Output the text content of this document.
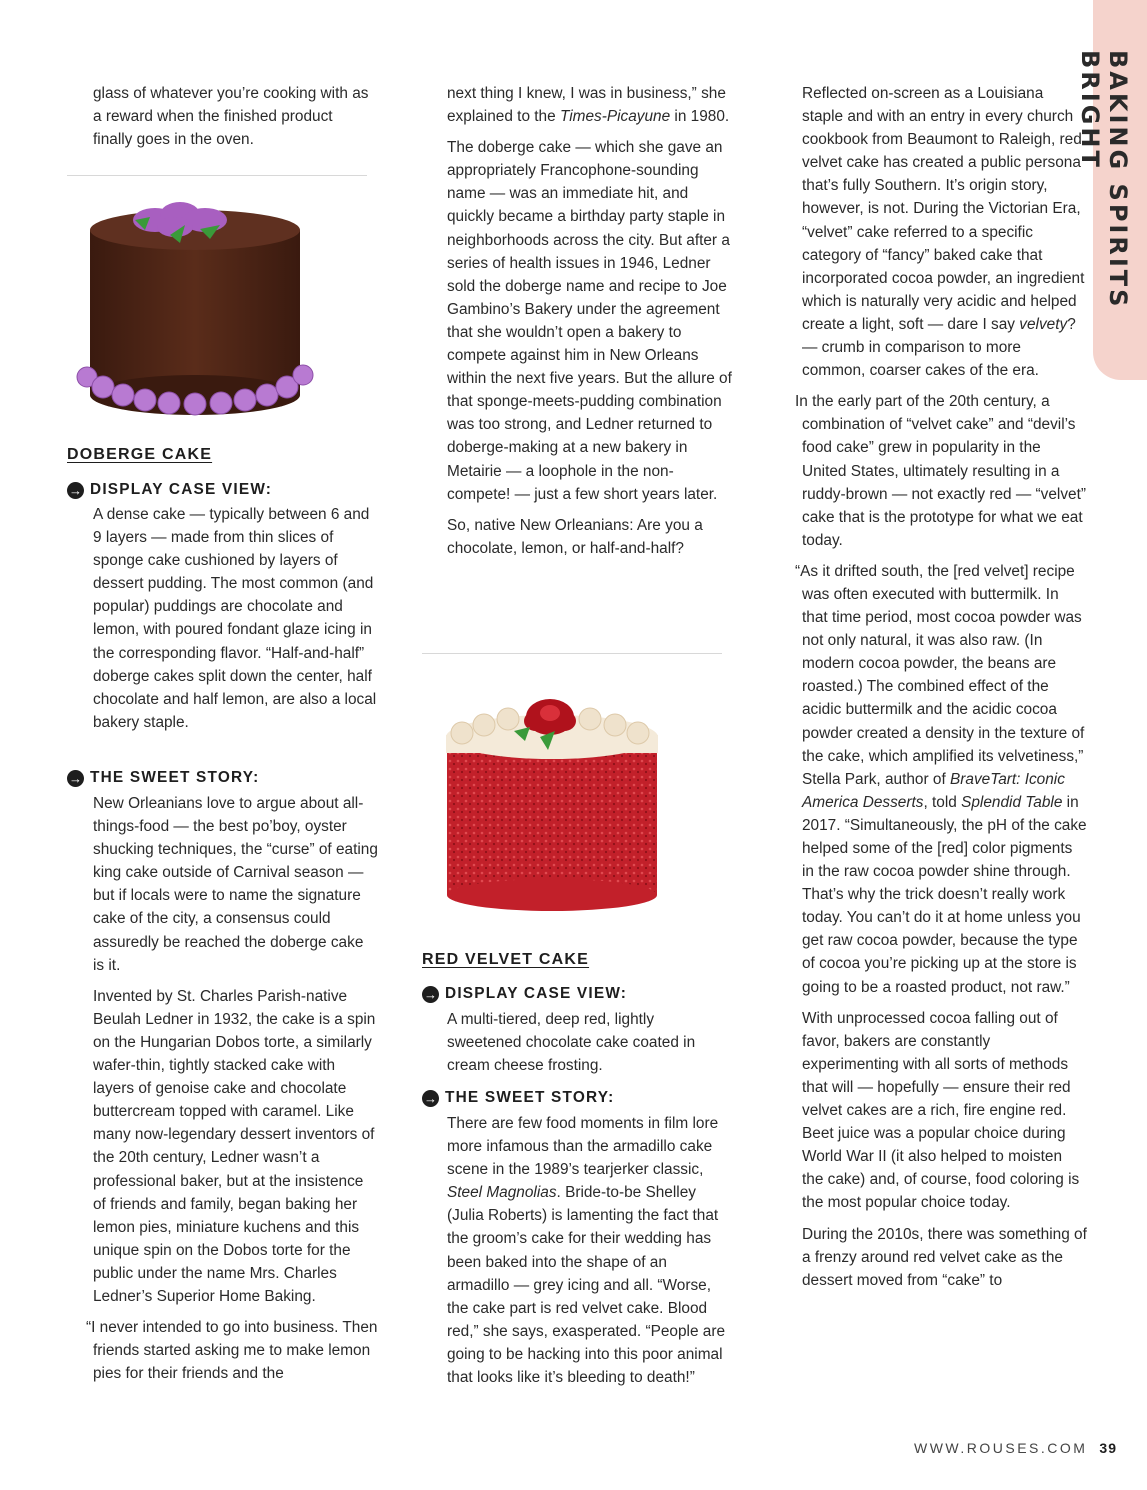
BAKING SPIRITS BRIGHT

glass of whatever you’re cooking with as a reward when the finished product finally goes in the oven.

DOBERGE CAKE
→ DISPLAY CASE VIEW:

A dense cake — typically between 6 and 9 layers — made from thin slices of sponge cake cushioned by layers of dessert pudding. The most common (and popular) puddings are chocolate and lemon, with poured fondant glaze icing in the corresponding flavor. “Half-and-half” doberge cakes split down the center, half chocolate and half lemon, are also a local bakery staple.

→ THE SWEET STORY:

New Orleanians love to argue about all-things-food — the best po’boy, oyster shucking techniques, the “curse” of eating king cake outside of Carnival season — but if locals were to name the signature cake of the city, a consensus could assuredly be reached the doberge cake is it.

Invented by St. Charles Parish-native Beulah Ledner in 1932, the cake is a spin on the Hungarian Dobos torte, a similarly wafer-thin, tightly stacked cake with layers of genoise cake and chocolate buttercream topped with caramel. Like many now-legendary dessert inventors of the 20th century, Ledner wasn’t a professional baker, but at the insistence of friends and family, began baking her lemon pies, miniature kuchens and this unique spin on the Dobos torte for the public under the name Mrs. Charles Ledner’s Superior Home Baking.

“I never intended to go into business. Then friends started asking me to make lemon pies for their friends and the

next thing I knew, I was in business,” she explained to the Times-Picayune in 1980.

The doberge cake — which she gave an appropriately Francophone-sounding name — was an immediate hit, and quickly became a birthday party staple in neighborhoods across the city. But after a series of health issues in 1946, Ledner sold the doberge name and recipe to Joe Gambino’s Bakery under the agreement that she wouldn’t open a bakery to compete against him in New Orleans within the next five years. But the allure of that sponge-meets-pudding combination was too strong, and Ledner returned to doberge-making at a new bakery in Metairie — a loophole in the non-compete! — just a few short years later.

So, native New Orleanians: Are you a chocolate, lemon, or half-and-half?

RED VELVET CAKE
→ DISPLAY CASE VIEW:

A multi-tiered, deep red, lightly sweetened chocolate cake coated in cream cheese frosting.

→ THE SWEET STORY:

There are few food moments in film lore more infamous than the armadillo cake scene in the 1989’s tearjerker classic, Steel Magnolias. Bride-to-be Shelley (Julia Roberts) is lamenting the fact that the groom’s cake for their wedding has been baked into the shape of an armadillo — grey icing and all. “Worse, the cake part is red velvet cake. Blood red,” she says, exasperated. “People are going to be hacking into this poor animal that looks like it’s bleeding to death!”

Reflected on-screen as a Louisiana staple and with an entry in every church cookbook from Beaumont to Raleigh, red velvet cake has created a public persona that’s fully Southern. It’s origin story, however, is not. During the Victorian Era, “velvet” cake referred to a specific category of “fancy” baked cake that incorporated cocoa powder, an ingredient which is naturally very acidic and helped create a light, soft — dare I say velvety? — crumb in comparison to more common, coarser cakes of the era.

In the early part of the 20th century, a combination of “velvet cake” and “devil’s food cake” grew in popularity in the United States, ultimately resulting in a ruddy-brown — not exactly red — “velvet” cake that is the prototype for what we eat today.

“As it drifted south, the [red velvet] recipe was often executed with buttermilk. In that time period, most cocoa powder was not only natural, it was also raw. (In modern cocoa powder, the beans are roasted.) The combined effect of the acidic buttermilk and the acidic cocoa powder created a density in the texture of the cake, which amplified its velvetiness,” Stella Park, author of BraveTart: Iconic America Desserts, told Splendid Table in 2017. “Simultaneously, the pH of the cake helped some of the [red] color pigments in the raw cocoa powder shine through. That’s why the trick doesn’t really work today. You can’t do it at home unless you get raw cocoa powder, because the type of cocoa you’re picking up at the store is going to be a roasted product, not raw.”

With unprocessed cocoa falling out of favor, bakers are constantly experimenting with all sorts of methods that will — hopefully — ensure their red velvet cakes are a rich, fire engine red. Beet juice was a popular choice during World War II (it also helped to moisten the cake) and, of course, food coloring is the most popular choice today.

During the 2010s, there was something of a frenzy around red velvet cake as the dessert moved from “cake” to

WWW.ROUSES.COM 39
